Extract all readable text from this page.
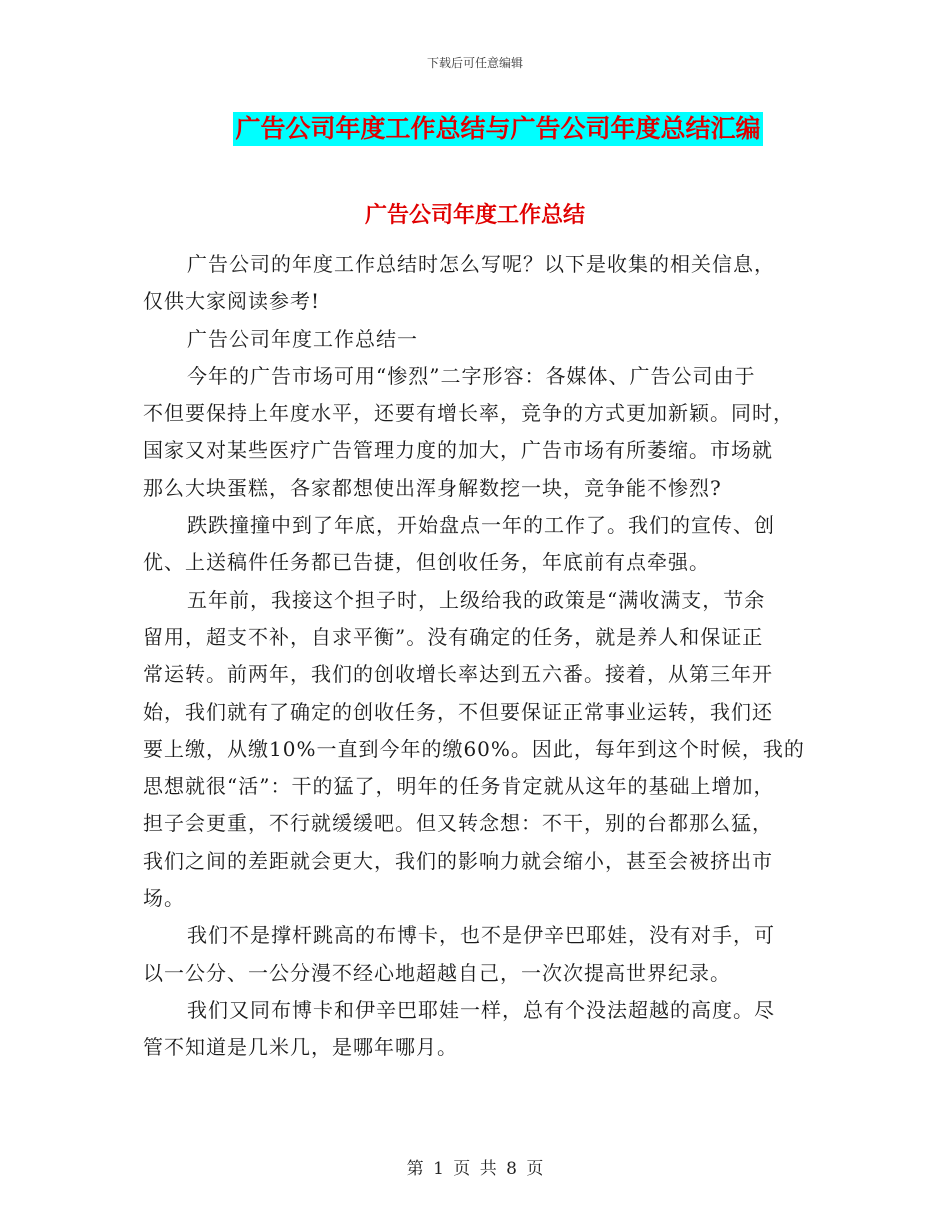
下载后可任意编辑
广告公司年度工作总结与广告公司年度总结汇编
广告公司年度工作总结
广告公司的年度工作总结时怎么写呢？以下是收集的相关信息，
仅供大家阅读参考!
广告公司年度工作总结一
今年的广告市场可用“惨烈”二字形容：各媒体、广告公司由于
不但要保持上年度水平，还要有增长率，竞争的方式更加新颖。同时，
国家又对某些医疗广告管理力度的加大，广告市场有所萎缩。市场就
那么大块蛋糕，各家都想使出浑身解数挖一块，竞争能不惨烈?
跌跌撞撞中到了年底，开始盘点一年的工作了。我们的宣传、创
优、上送稿件任务都已告捷，但创收任务，年底前有点牵强。
五年前，我接这个担子时，上级给我的政策是“满收满支，节余
留用，超支不补，自求平衡”。没有确定的任务，就是养人和保证正
常运转。前两年，我们的创收增长率达到五六番。接着，从第三年开
始，我们就有了确定的创收任务，不但要保证正常事业运转，我们还
要上缴，从缴10%一直到今年的缴60%。因此，每年到这个时候，我的
思想就很“活”：干的猛了，明年的任务肯定就从这年的基础上增加，
担子会更重，不行就缓缓吧。但又转念想：不干，别的台都那么猛，
我们之间的差距就会更大，我们的影响力就会缩小，甚至会被挤出市
场。
我们不是撑杆跳高的布博卡，也不是伊辛巴耶娃，没有对手，可
以一公分、一公分漫不经心地超越自己，一次次提高世界纪录。
我们又同布博卡和伊辛巴耶娃一样，总有个没法超越的高度。尽
管不知道是几米几，是哪年哪月。
第 1 页 共 8 页
